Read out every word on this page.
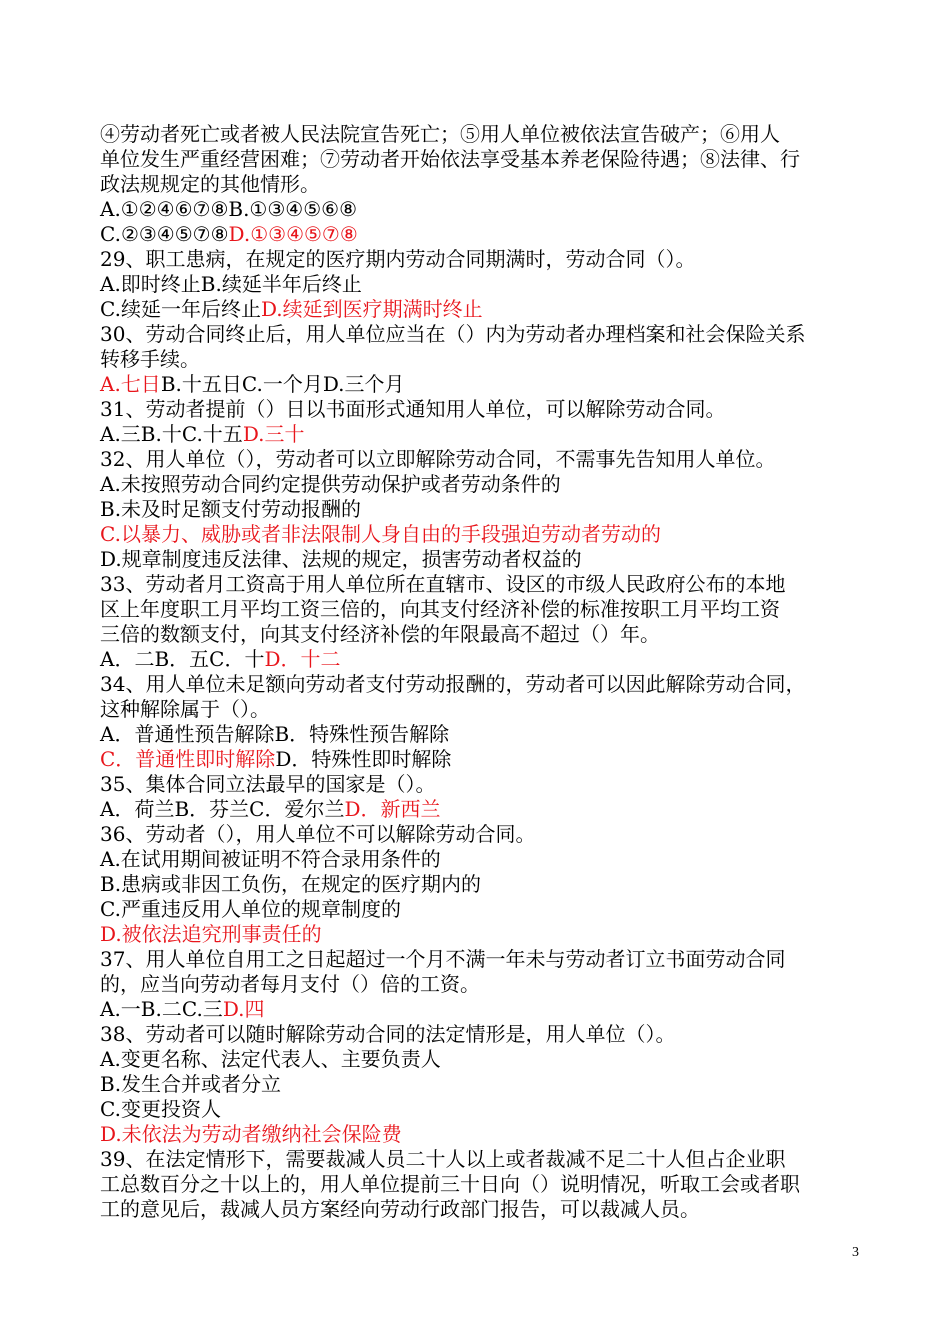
④劳动者死亡或者被人民法院宣告死亡；⑤用人单位被依法宣告破产；⑥用人
单位发生严重经营困难；⑦劳动者开始依法享受基本养老保险待遇；⑧法律、行
政法规规定的其他情形。
A.①②④⑥⑦⑧B.①③④⑤⑥⑧
C.②③④⑤⑦⑧D.①③④⑤⑦⑧
29、职工患病，在规定的医疗期内劳动合同期满时，劳动合同（）。
A.即时终止B.续延半年后终止
C.续延一年后终止D.续延到医疗期满时终止
30、劳动合同终止后，用人单位应当在（）内为劳动者办理档案和社会保险关系
转移手续。
A.七日B.十五日C.一个月D.三个月
31、劳动者提前（）日以书面形式通知用人单位，可以解除劳动合同。
A.三B.十C.十五D.三十
32、用人单位（），劳动者可以立即解除劳动合同，不需事先告知用人单位。
A.未按照劳动合同约定提供劳动保护或者劳动条件的
B.未及时足额支付劳动报酬的
C.以暴力、威胁或者非法限制人身自由的手段强迫劳动者劳动的
D.规章制度违反法律、法规的规定，损害劳动者权益的
33、劳动者月工资高于用人单位所在直辖市、设区的市级人民政府公布的本地
区上年度职工月平均工资三倍的，向其支付经济补偿的标准按职工月平均工资
三倍的数额支付，向其支付经济补偿的年限最高不超过（）年。
A．二B．五C．十D．十二
34、用人单位未足额向劳动者支付劳动报酬的，劳动者可以因此解除劳动合同，
这种解除属于（）。
A．普通性预告解除B．特殊性预告解除
C．普通性即时解除D．特殊性即时解除
35、集体合同立法最早的国家是（）。
A．荷兰B．芬兰C．爱尔兰D．新西兰
36、劳动者（），用人单位不可以解除劳动合同。
A.在试用期间被证明不符合录用条件的
B.患病或非因工负伤，在规定的医疗期内的
C.严重违反用人单位的规章制度的
D.被依法追究刑事责任的
37、用人单位自用工之日起超过一个月不满一年未与劳动者订立书面劳动合同
的，应当向劳动者每月支付（）倍的工资。
A.一B.二C.三D.四
38、劳动者可以随时解除劳动合同的法定情形是，用人单位（）。
A.变更名称、法定代表人、主要负责人
B.发生合并或者分立
C.变更投资人
D.未依法为劳动者缴纳社会保险费
39、在法定情形下，需要裁减人员二十人以上或者裁减不足二十人但占企业职
工总数百分之十以上的，用人单位提前三十日向（）说明情况，听取工会或者职
工的意见后，裁减人员方案经向劳动行政部门报告，可以裁减人员。
3
